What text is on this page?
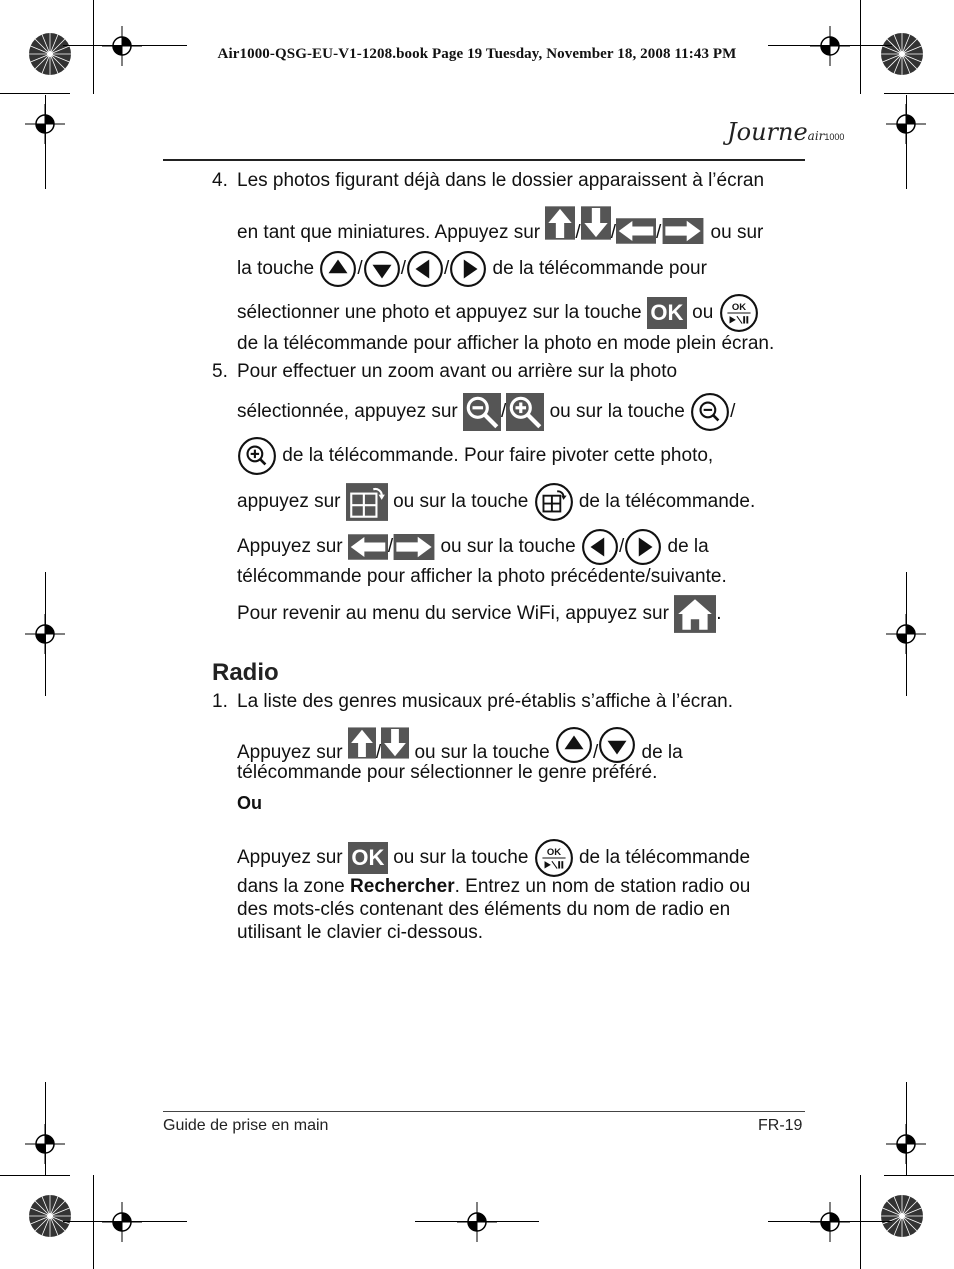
Air1000-QSG-EU-V1-1208.book Page 19 Tuesday, November 18, 2008 11:43 PM
Journeair1000
4. Les photos figurant déjà dans le dossier apparaissent à l’écran
en tant que miniatures. Appuyez sur
/ / /
	ou sur
la touche
/ / /
de la télécommande pour
sélectionner une photo et appuyez sur la touche
OK
ou

de la télécommande pour afficher la photo en mode plein écran.
5. Pour effectuer un zoom avant ou arrière sur la photo
sélectionnée, appuyez sur
/
ou sur la touche
/

de la télécommande. Pour faire pivoter cette photo,
appuyez sur

	ou sur la touche

	de la télécommande.
Appuyez sur
/
ou sur la touche
/
de la
télécommande pour afficher la photo précédente/suivante.
Pour revenir au menu du service WiFi, appuyez sur
.
Radio
1. La liste des genres musicaux pré-établis s’affiche à l’écran.
Appuyez sur
/
ou sur la touche
/
de la
télécommande pour sélectionner le genre préféré.
Ou
Appuyez sur
OK
ou sur la touche

	de la télécommande
dans la zone Rechercher. Entrez un nom de station radio ou
des mots-clés contenant des éléments du nom de radio en
utilisant le clavier ci-dessous.
Guide de prise en main	FR-19
